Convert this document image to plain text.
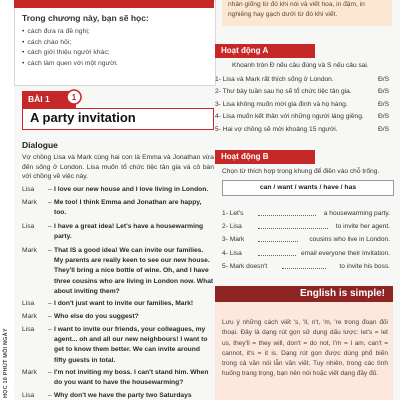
HỌC 10 PHÚT MỖI NGÀY
Trong chương này, bạn sẽ học:
• cách đưa ra đề nghị;
• cách chào hỏi;
• cách giới thiệu người khác;
• cách làm quen với một người.
BÀI 1	1
A party invitation
Dialogue
Vợ chồng Lisa và Mark cùng hai con là Emma và Jonathan vừa đến sống ở London. Lisa muốn tổ chức tiệc tân gia và cô bàn với chồng về việc này.
Lisa	– I love our new house and I love living in London.
Mark	– Me too! I think Emma and Jonathan are happy, too.
Lisa	– I have a great idea! Let's have a housewarming party.
Mark	– That IS a good idea! We can invite our families. My parents are really keen to see our new house. They'll bring a nice bottle of wine. Oh, and I have three cousins who are living in London now. What about inviting them?
Lisa	– I don't just want to invite our families, Mark!
Mark	– Who else do you suggest?
Lisa	– I want to invite our friends, your colleagues, my agent... oh and all our new neighbours! I want to get to know them better. We can invite around fifty guests in total.
Mark	– I'm not inviting my boss. I can't stand him. When do you want to have the housewarming?
Lisa	– Why don't we have the party two Saturdays
nhân giống từ đó khi nói và viết hoa, in đậm, in nghiêng hay gạch dưới từ đó khi viết.
Hoạt động A
Khoanh tròn Đ nếu câu đúng và S nếu câu sai.
1- Lisa và Mark rất thích sống ở London.	Đ/S
2- Thư bày tuần sau họ sẽ tổ chức tiệc tân gia.	Đ/S
3- Lisa không muốn mời gia đình và họ hàng.	Đ/S
4- Lisa muốn kết thân với những người láng giềng. Đ/S
5- Hai vợ chồng sẽ mời khoảng 15 người.	Đ/S
Hoạt động B
Chọn từ thích hợp trong khung để điền vào chỗ trống.
can / want / wants / have / has
1- Let's	a housewarming party.
2- Lisa	to invite her agent.
3- Mark	cousins who live in London.
4- Lisa	email everyone their invitation.
5- Mark doesn't	to invite his boss.
English is simple!
Lưu ý những cách viết 's, 'll, n't, 'm, 're trong đoạn đối thoại. Đây là dạng rút gọn sử dụng dấu lược: let's = let us, they'll = they will, don't = do not, I'm = I am, can't = cannot, it's = it is. Dạng rút gọn được dùng phổ biến trong cả văn nói lẫn văn viết. Tuy nhiên, trong các tình huống trang trọng, bạn nên nói hoặc viết dạng đầy đủ.
